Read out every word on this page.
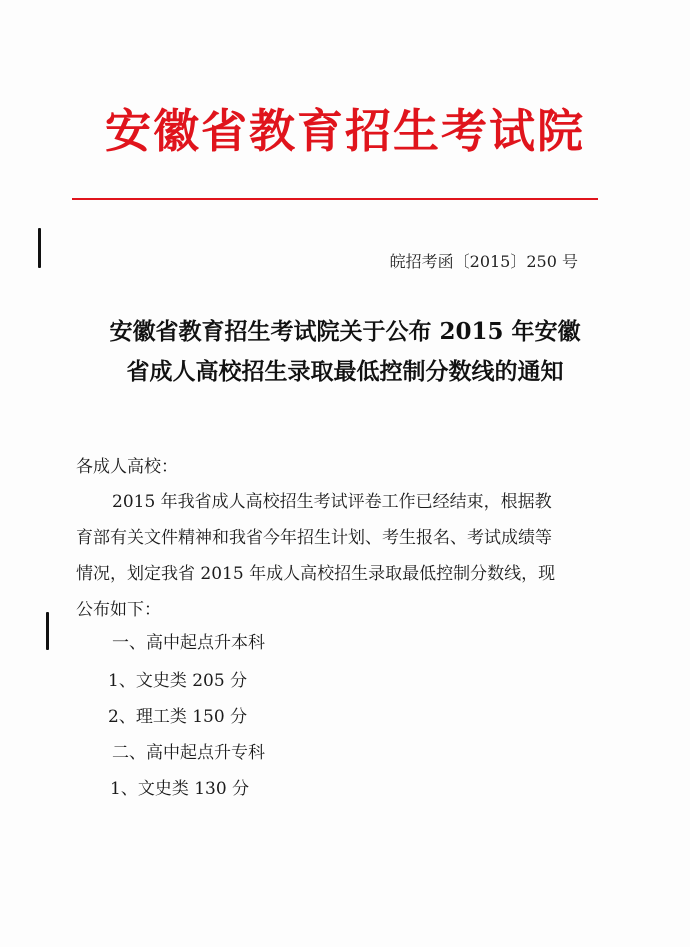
安徽省教育招生考试院
皖招考函〔2015〕250 号
安徽省教育招生考试院关于公布 2015 年安徽
省成人高校招生录取最低控制分数线的通知
各成人高校：
2015 年我省成人高校招生考试评卷工作已经结束，根据教
育部有关文件精神和我省今年招生计划、考生报名、考试成绩等
情况，划定我省 2015 年成人高校招生录取最低控制分数线，现
公布如下：
一、高中起点升本科
1、文史类 205 分
2、理工类 150 分
二、高中起点升专科
1、文史类 130 分
